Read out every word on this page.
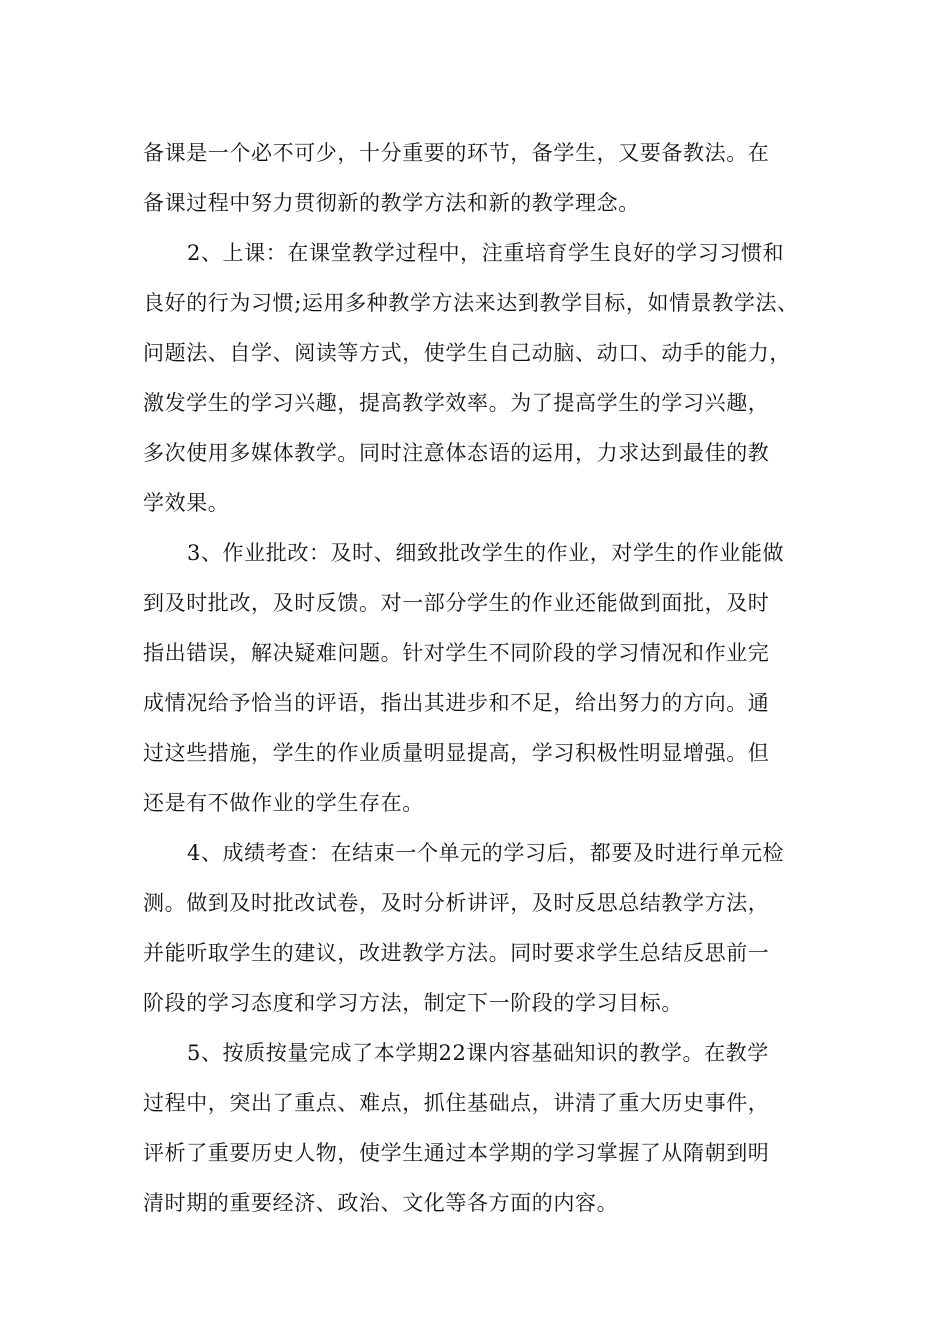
备课是一个必不可少，十分重要的环节，备学生，又要备教法。在
备课过程中努力贯彻新的教学方法和新的教学理念。
2、上课：在课堂教学过程中，注重培育学生良好的学习习惯和
良好的行为习惯;运用多种教学方法来达到教学目标，如情景教学法、
问题法、自学、阅读等方式，使学生自己动脑、动口、动手的能力，
激发学生的学习兴趣，提高教学效率。为了提高学生的学习兴趣，
多次使用多媒体教学。同时注意体态语的运用，力求达到最佳的教
学效果。
3、作业批改：及时、细致批改学生的作业，对学生的作业能做
到及时批改，及时反馈。对一部分学生的作业还能做到面批，及时
指出错误，解决疑难问题。针对学生不同阶段的学习情况和作业完
成情况给予恰当的评语，指出其进步和不足，给出努力的方向。通
过这些措施，学生的作业质量明显提高，学习积极性明显增强。但
还是有不做作业的学生存在。
4、成绩考查：在结束一个单元的学习后，都要及时进行单元检
测。做到及时批改试卷，及时分析讲评，及时反思总结教学方法，
并能听取学生的建议，改进教学方法。同时要求学生总结反思前一
阶段的学习态度和学习方法，制定下一阶段的学习目标。
5、按质按量完成了本学期22课内容基础知识的教学。在教学
过程中，突出了重点、难点，抓住基础点，讲清了重大历史事件，
评析了重要历史人物，使学生通过本学期的学习掌握了从隋朝到明
清时期的重要经济、政治、文化等各方面的内容。
